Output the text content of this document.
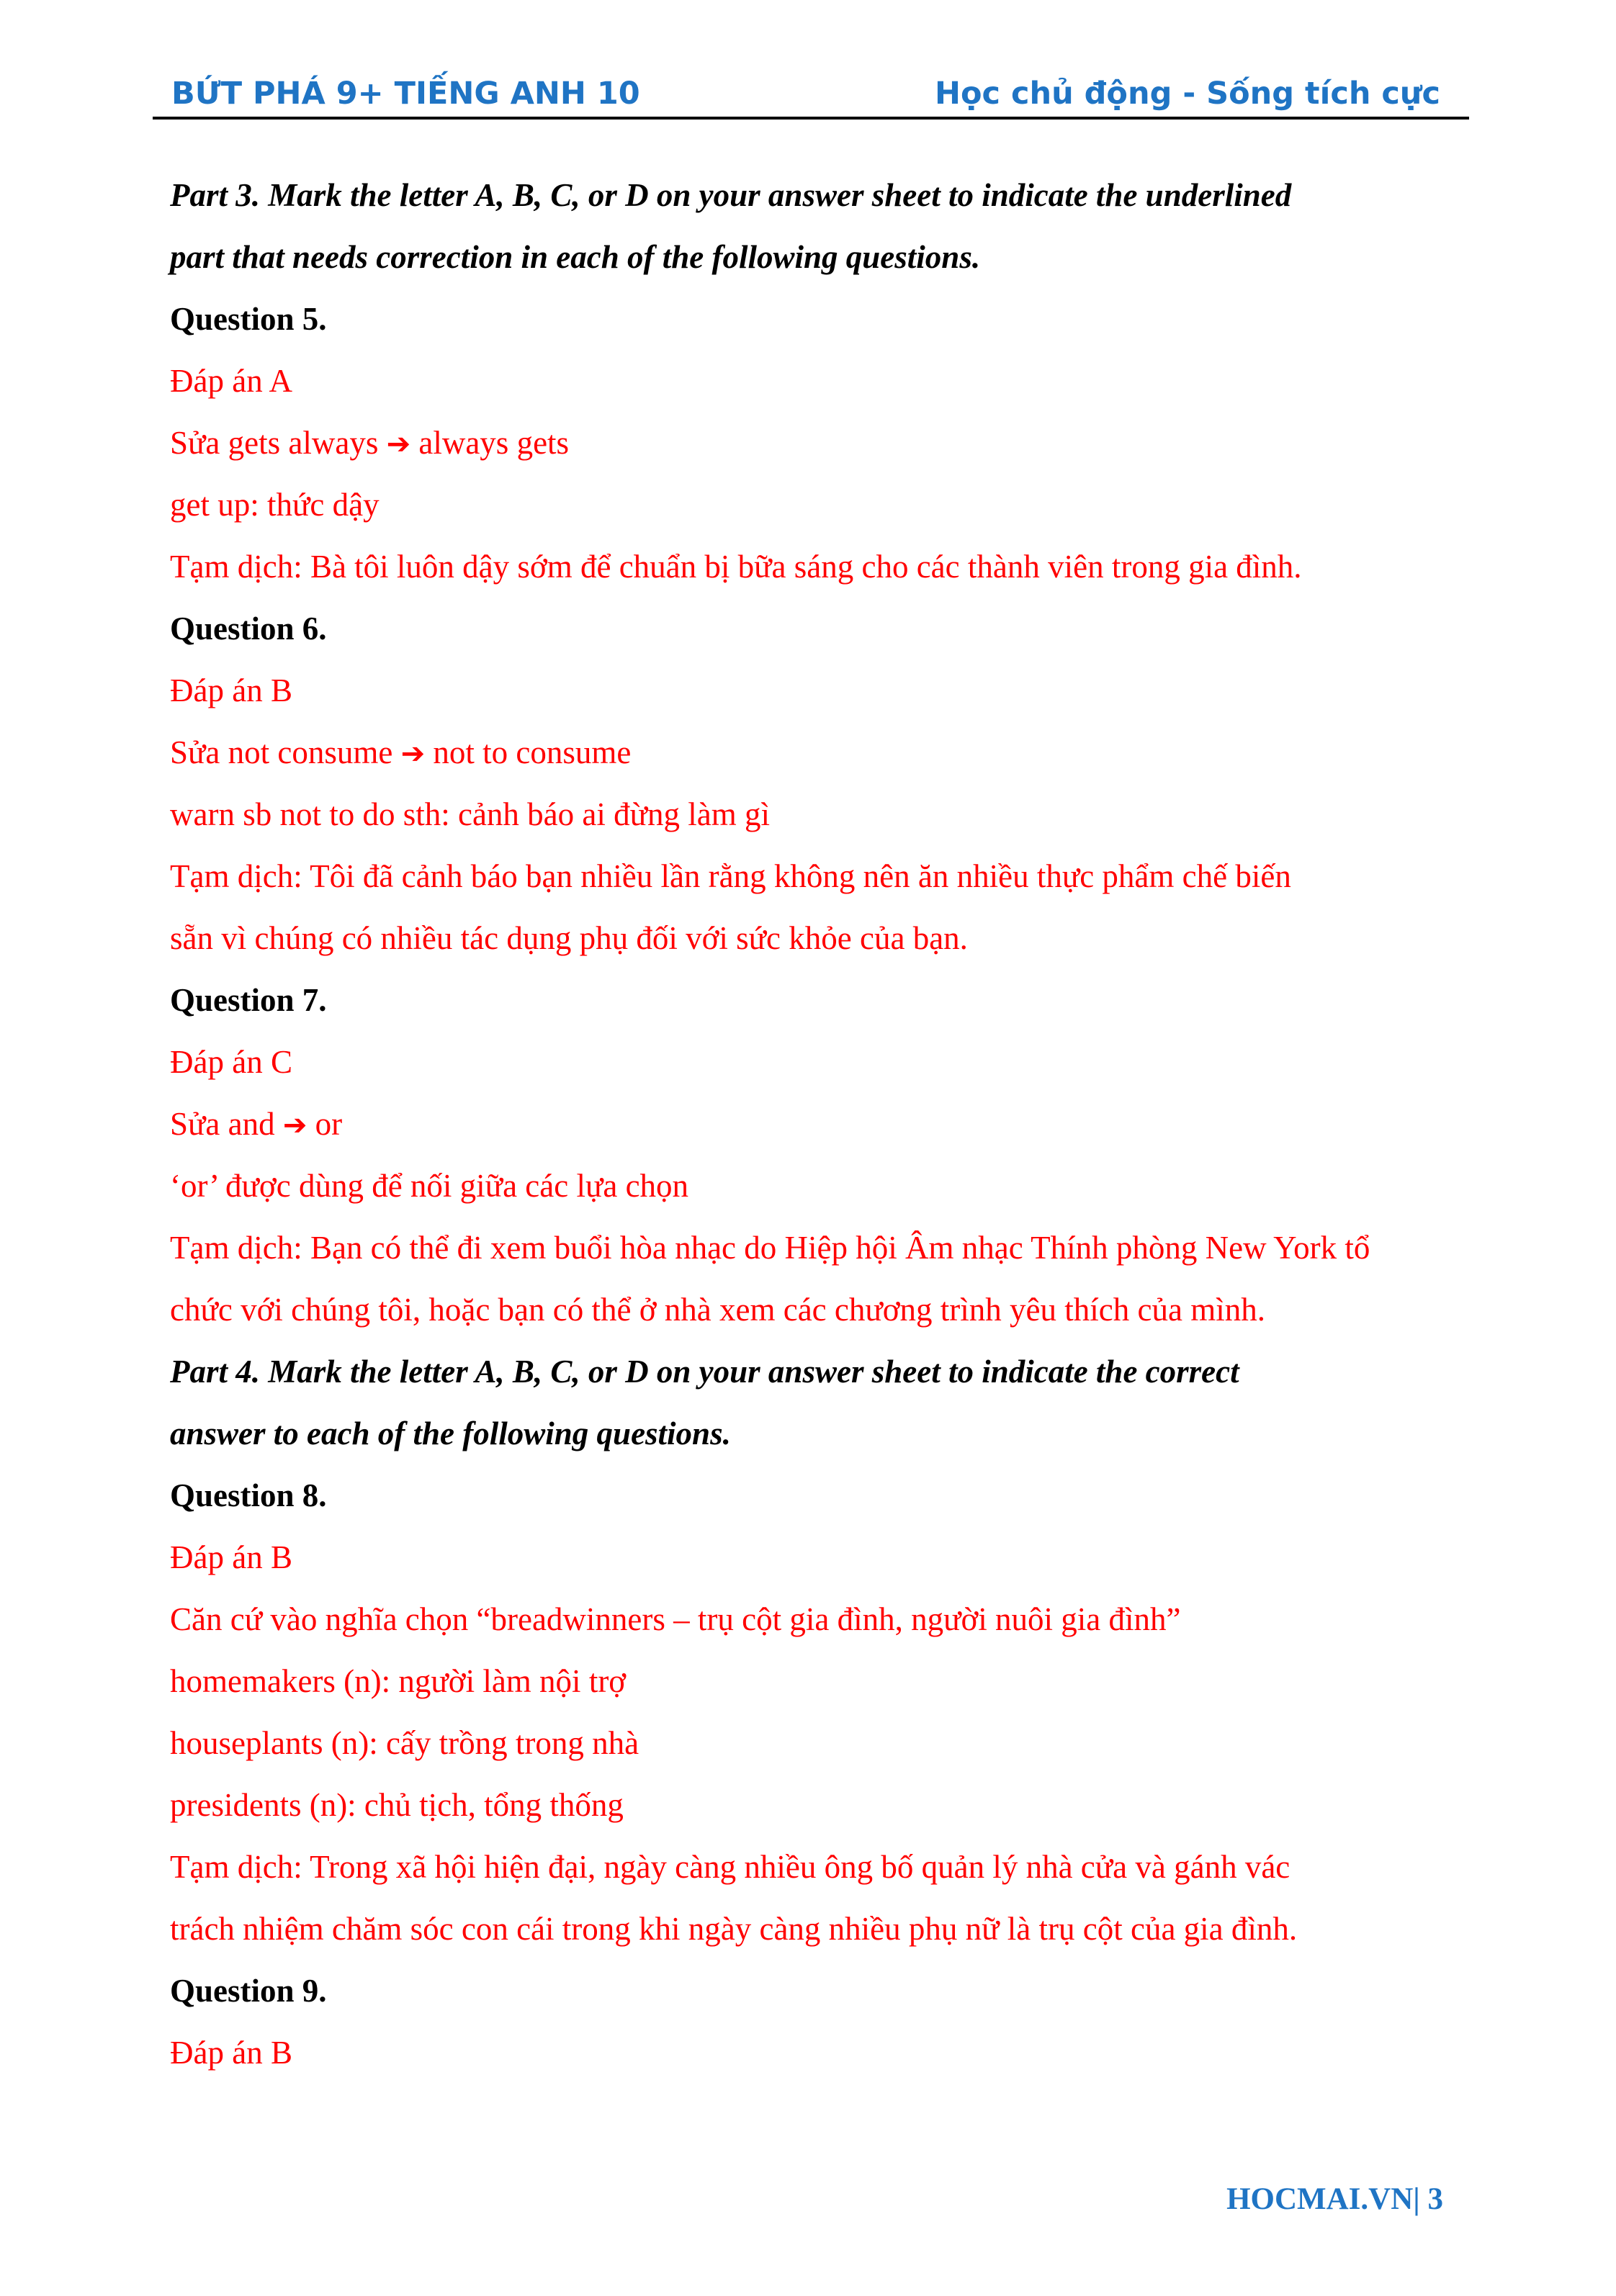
BỨT PHÁ 9+ TIẾNG ANH 10	Học chủ động - Sống tích cực
Part 3. Mark the letter A, B, C, or D on your answer sheet to indicate the underlined
part that needs correction in each of the following questions.
Question 5.
Đáp án A
Sửa gets always ➔ always gets
get up: thức dậy
Tạm dịch: Bà tôi luôn dậy sớm để chuẩn bị bữa sáng cho các thành viên trong gia đình.
Question 6.
Đáp án B
Sửa not consume ➔ not to consume
warn sb not to do sth: cảnh báo ai đừng làm gì
Tạm dịch: Tôi đã cảnh báo bạn nhiều lần rằng không nên ăn nhiều thực phẩm chế biến
sẵn vì chúng có nhiều tác dụng phụ đối với sức khỏe của bạn.
Question 7.
Đáp án C
Sửa and ➔ or
‘or’ được dùng để nối giữa các lựa chọn
Tạm dịch: Bạn có thể đi xem buổi hòa nhạc do Hiệp hội Âm nhạc Thính phòng New York tổ
chức với chúng tôi, hoặc bạn có thể ở nhà xem các chương trình yêu thích của mình.
Part 4. Mark the letter A, B, C, or D on your answer sheet to indicate the correct
answer to each of the following questions.
Question 8.
Đáp án B
Căn cứ vào nghĩa chọn “breadwinners – trụ cột gia đình, người nuôi gia đình”
homemakers (n): người làm nội trợ
houseplants (n): cấy trồng trong nhà
presidents (n): chủ tịch, tổng thống
Tạm dịch: Trong xã hội hiện đại, ngày càng nhiều ông bố quản lý nhà cửa và gánh vác
trách nhiệm chăm sóc con cái trong khi ngày càng nhiều phụ nữ là trụ cột của gia đình.
Question 9.
Đáp án B
HOCMAI.VN| 3
